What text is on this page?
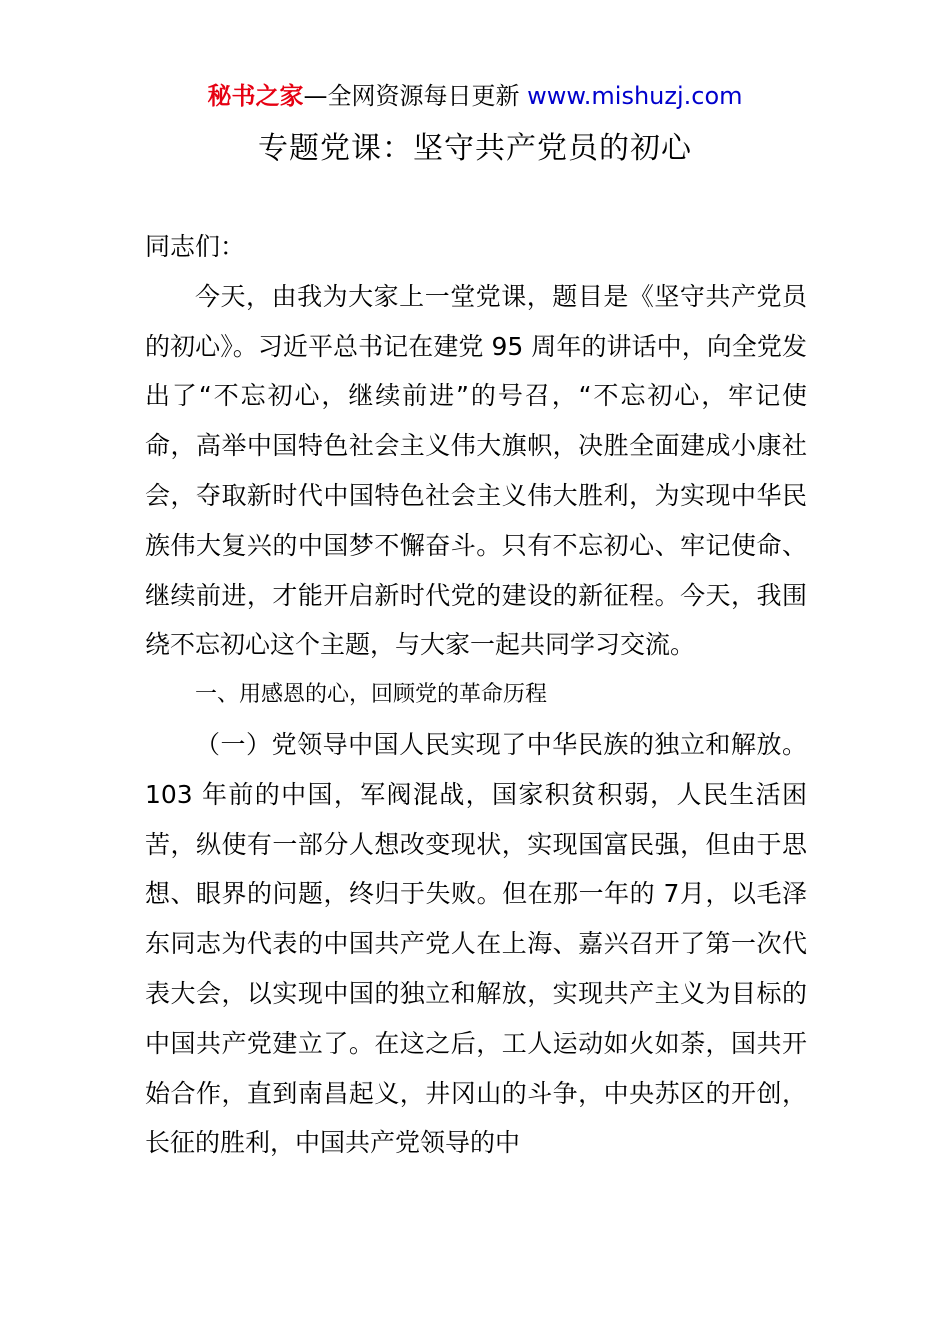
秘书之家—全网资源每日更新 www.mishuzj.com
专题党课：坚守共产党员的初心

同志们：

今天，由我为大家上一堂党课，题目是《坚守共产党员的初心》。习近平总书记在建党 95 周年的讲话中，向全党发出了“不忘初心，继续前进”的号召，“不忘初心，牢记使命，高举中国特色社会主义伟大旗帜，决胜全面建成小康社会，夺取新时代中国特色社会主义伟大胜利，为实现中华民族伟大复兴的中国梦不懈奋斗。只有不忘初心、牢记使命、继续前进，才能开启新时代党的建设的新征程。今天，我围绕不忘初心这个主题，与大家一起共同学习交流。

一、用感恩的心，回顾党的革命历程

（一）党领导中国人民实现了中华民族的独立和解放。103 年前的中国，军阀混战，国家积贫积弱，人民生活困苦，纵使有一部分人想改变现状，实现国富民强，但由于思想、眼界的问题，终归于失败。但在那一年的 7月，以毛泽东同志为代表的中国共产党人在上海、嘉兴召开了第一次代表大会，以实现中国的独立和解放，实现共产主义为目标的中国共产党建立了。在这之后，工人运动如火如荼，国共开始合作，直到南昌起义，井冈山的斗争，中央苏区的开创，长征的胜利，中国共产党领导的中
